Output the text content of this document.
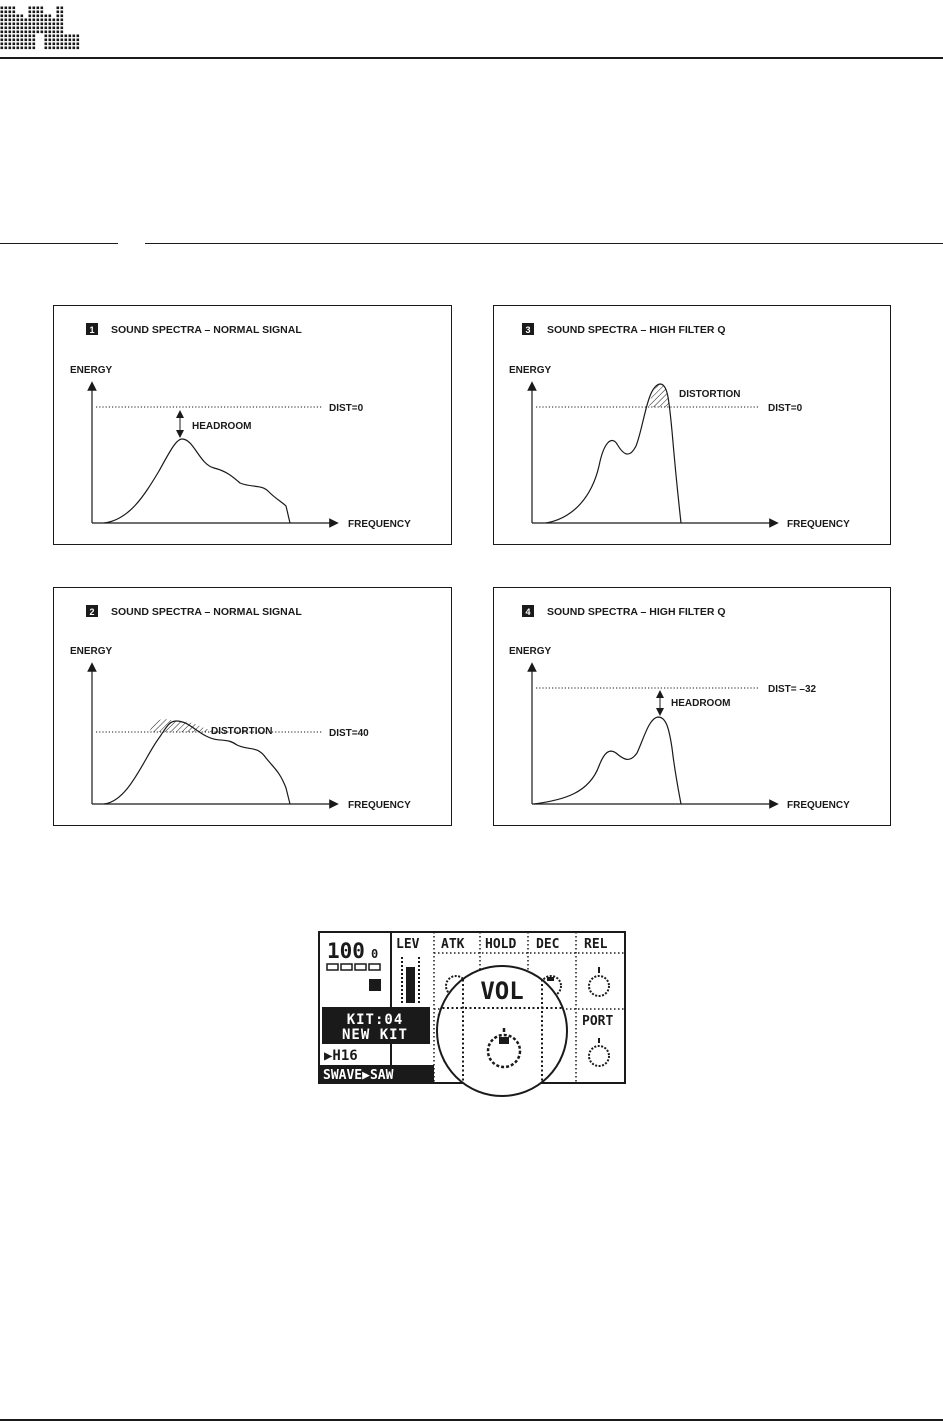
1 SOUND SPECTRA – NORMAL SIGNAL
ENERGY
FREQUENCY
DIST=0
HEADROOM
3 SOUND SPECTRA – HIGH FILTER Q
ENERGY
FREQUENCY
DIST=0
DISTORTION
2 SOUND SPECTRA – NORMAL SIGNAL
ENERGY
FREQUENCY
DIST=40
DISTORTION
4 SOUND SPECTRA – HIGH FILTER Q
ENERGY
FREQUENCY
DIST= –32
HEADROOM
100 0
KIT:04
NEW KIT
▶H16
SWAVE▶SAW
LEV ATK HOLD DEC REL
PORT
VOL
